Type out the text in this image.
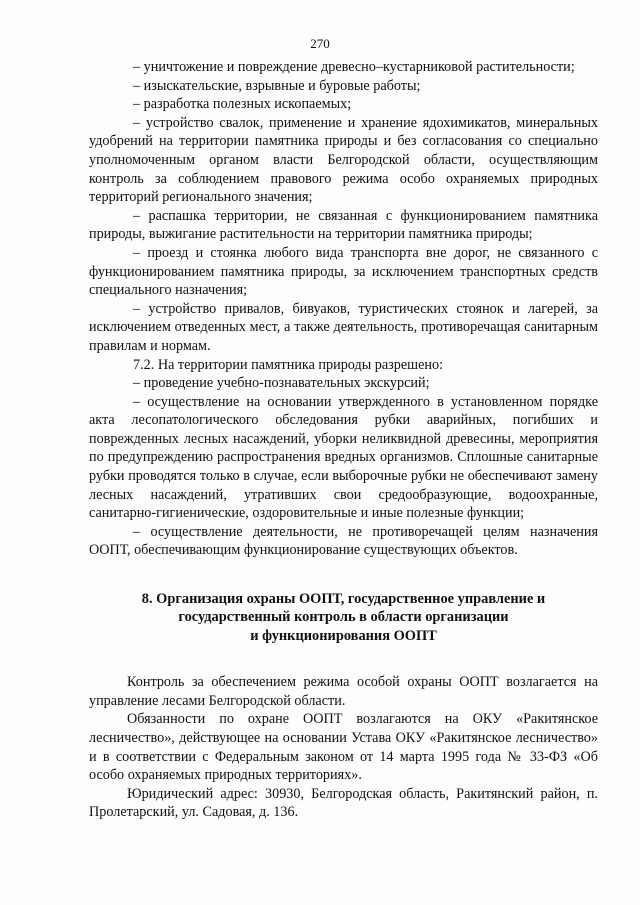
270

– уничтожение и повреждение древесно–кустарниковой растительности;

– изыскательские, взрывные и буровые работы;

– разработка полезных ископаемых;

– устройство свалок, применение и хранение ядохимикатов, минеральных удобрений на территории памятника природы и без согласования со специально уполномоченным органом власти Белгородской области, осуществляющим контроль за соблюдением правового режима особо охраняемых природных территорий регионального значения;

– распашка территории, не связанная с функционированием памятника природы, выжигание растительности на территории памятника природы;

– проезд и стоянка любого вида транспорта вне дорог, не связанного с функционированием памятника природы, за исключением транспортных средств специального назначения;

– устройство привалов, бивуаков, туристических стоянок и лагерей, за исключением отведенных мест, а также деятельность, противоречащая санитарным правилам и нормам.

7.2. На территории памятника природы разрешено:

– проведение учебно-познавательных экскурсий;

– осуществление на основании утвержденного в установленном порядке акта лесопатологического обследования рубки аварийных, погибших и поврежденных лесных насаждений, уборки неликвидной древесины, мероприятия по предупреждению распространения вредных организмов. Сплошные санитарные рубки проводятся только в случае, если выборочные рубки не обеспечивают замену лесных насаждений, утративших свои средообразующие, водоохранные, санитарно-гигиенические, оздоровительные и иные полезные функции;

– осуществление деятельности, не противоречащей целям назначения ООПТ, обеспечивающим функционирование существующих объектов.

8. Организация охраны ООПТ, государственное управление и

государственный контроль в области организации

и функционирования ООПТ

Контроль за обеспечением режима особой охраны ООПТ возлагается на управление лесами Белгородской области.

Обязанности по охране ООПТ возлагаются на ОКУ «Ракитянское лесничество», действующее на основании Устава ОКУ «Ракитянское лесничество» и в соответствии с Федеральным законом от 14 марта 1995 года № 33-ФЗ «Об особо охраняемых природных территориях».

Юридический адрес: 30930, Белгородская область, Ракитянский район, п. Пролетарский, ул. Садовая, д. 136.
